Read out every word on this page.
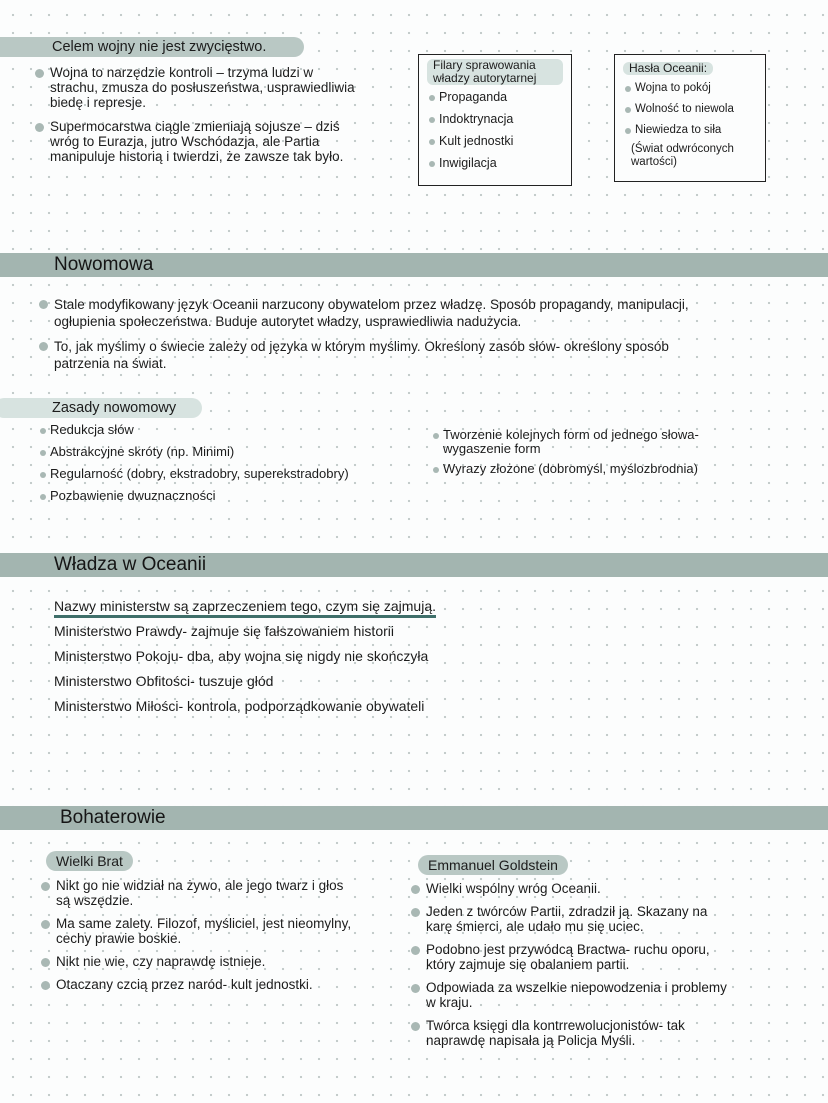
Celem wojny nie jest zwycięstwo.
Wojna to narzędzie kontroli – trzyma ludzi w strachu, zmusza do posłuszeństwa, usprawiedliwia biedę i represje.
Supermocarstwa ciągle zmieniają sojusze – dziś wróg to Eurazja, jutro Wschódazja, ale Partia manipuluje historią i twierdzi, że zawsze tak było.
Filary sprawowania władzy autorytarnej
Propaganda
Indoktrynacja
Kult jednostki
Inwigilacja
Hasła Oceanii:
Wojna to pokój
Wolność to niewola
Niewiedza to siła
(Świat odwróconych wartości)
Nowomowa
Stale modyfikowany język Oceanii narzucony obywatelom przez władzę. Sposób propagandy, manipulacji, ogłupienia społeczeństwa. Buduje autorytet władzy, usprawiedliwia nadużycia.
To, jak myślimy o świecie zależy od języka w którym myślimy. Określony zasób słów- określony sposób patrzenia na świat.
Zasady nowomowy
Redukcja słów
Abstrakcyjne skróty (np. Minimi)
Regularność (dobry, ekstradobry, superekstradobry)
Pozbawienie dwuznaczności
Tworzenie kolejnych form od jednego słowa- wygaszenie form
Wyrazy złożone (dobromyśl, myślozbrodnia)
Władza w Oceanii
Nazwy ministerstw są zaprzeczeniem tego, czym się zajmują.
Ministerstwo Prawdy- zajmuje się fałszowaniem historii
Ministerstwo Pokoju- dba, aby wojna się nigdy nie skończyła
Ministerstwo Obfitości- tuszuje głód
Ministerstwo Miłości- kontrola, podporządkowanie obywateli
Bohaterowie
Wielki Brat
Nikt go nie widział na żywo, ale jego twarz i głos są wszędzie.
Ma same zalety. Filozof, myśliciel, jest nieomylny, cechy prawie boskie.
Nikt nie wie, czy naprawdę istnieje.
Otaczany czcią przez naród- kult jednostki.
Emmanuel Goldstein
Wielki wspólny wróg Oceanii.
Jeden z twórców Partii, zdradził ją. Skazany na karę śmierci, ale udało mu się uciec.
Podobno jest przywódcą Bractwa- ruchu oporu, który zajmuje się obalaniem partii.
Odpowiada za wszelkie niepowodzenia i problemy w kraju.
Twórca księgi dla kontrrewolucjonistów- tak naprawdę napisała ją Policja Myśli.
